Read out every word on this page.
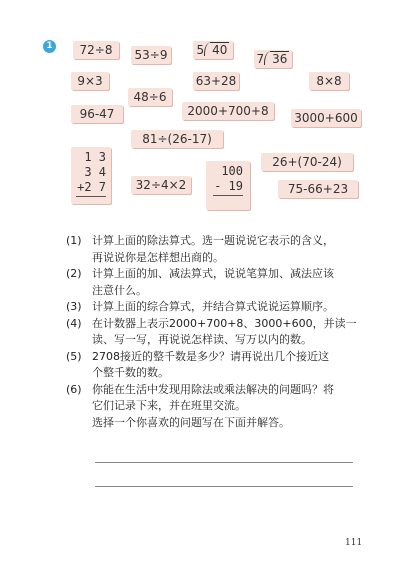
1	72÷8	53÷9 5 40
7 36
9×3	63+28	8×8
48÷6
96-47	2000+700+8	3000+600
81÷(26-17)
1 3
3 4
+2 7	32÷4×2
100
- 19
26+(70-24)
75-66+23
(1) 计算上面的除法算式。选一题说说它表示的含义，
再说说你是怎样想出商的。
(2) 计算上面的加、减法算式，说说笔算加、减法应该
注意什么。
(3) 计算上面的综合算式，并结合算式说说运算顺序。
(4) 在计数器上表示2000+700+8、3000+600，并读一
读、写一写，再说说怎样读、写万以内的数。
(5) 2708接近的整千数是多少？请再说出几个接近这
个整千数的数。
(6) 你能在生活中发现用除法或乘法解决的问题吗？将
它们记录下来，并在班里交流。
选择一个你喜欢的问题写在下面并解答。
111
